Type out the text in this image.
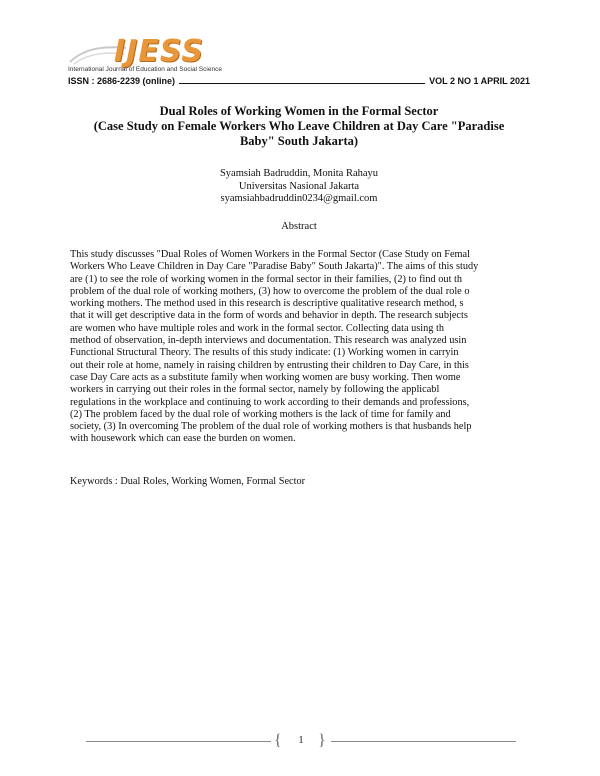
IJESS
International Journal of Education and Social Science
ISSN : 2686-2239 (online)	VOL 2 NO 1 APRIL 2021
Dual Roles of Working Women in the Formal Sector
(Case Study on Female Workers Who Leave Children at Day Care "Paradise
Baby" South Jakarta)
Syamsiah Badruddin, Monita Rahayu
Universitas Nasional Jakarta
syamsiahbadruddin0234@gmail.com
Abstract
This study discusses "Dual Roles of Women Workers in the Formal Sector (Case Study on Femal
Workers Who Leave Children in Day Care "Paradise Baby" South Jakarta)". The aims of this study
are (1) to see the role of working women in the formal sector in their families, (2) to find out th
problem of the dual role of working mothers, (3) how to overcome the problem of the dual role o
working mothers. The method used in this research is descriptive qualitative research method, s
that it will get descriptive data in the form of words and behavior in depth. The research subjects
are women who have multiple roles and work in the formal sector. Collecting data using th
method of observation, in-depth interviews and documentation. This research was analyzed usin
Functional Structural Theory. The results of this study indicate: (1) Working women in carryin
out their role at home, namely in raising children by entrusting their children to Day Care, in this
case Day Care acts as a substitute family when working women are busy working. Then wome
workers in carrying out their roles in the formal sector, namely by following the applicabl
regulations in the workplace and continuing to work according to their demands and professions,
(2) The problem faced by the dual role of working mothers is the lack of time for family and
society, (3) In overcoming The problem of the dual role of working mothers is that husbands help
with housework which can ease the burden on women.
Keywords : Dual Roles, Working Women, Formal Sector
{	1 }
